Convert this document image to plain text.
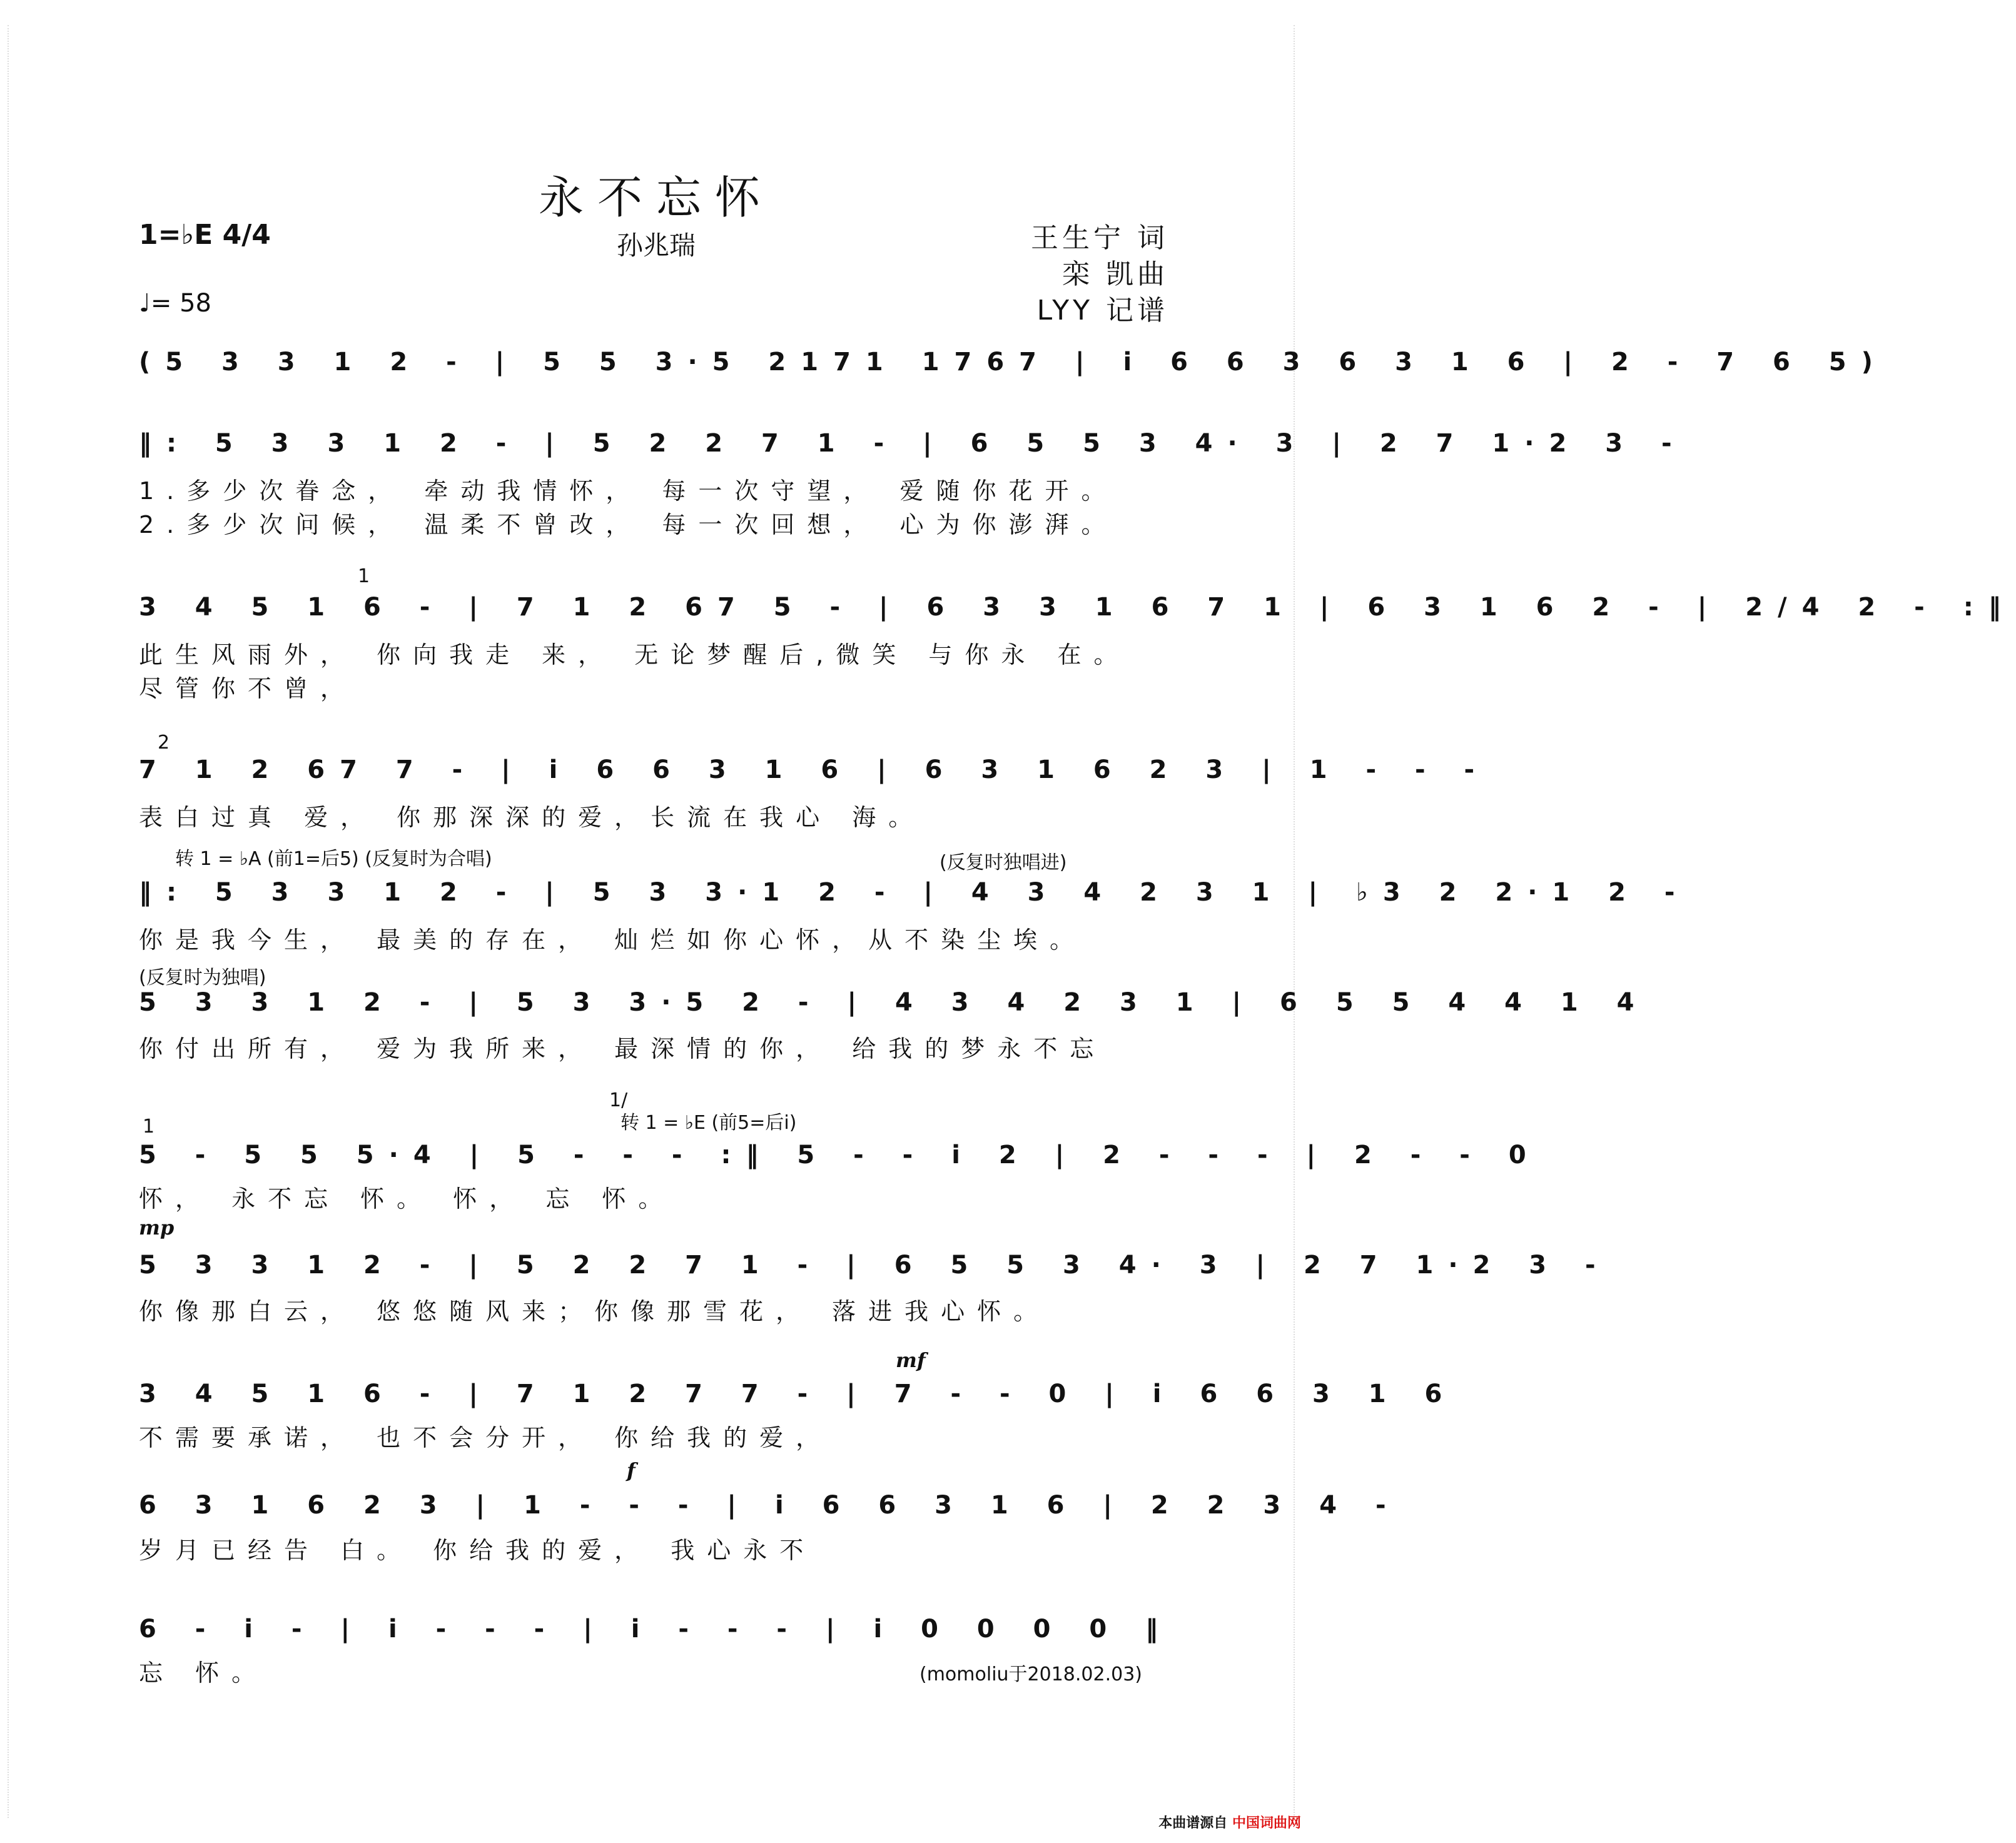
永不忘怀
孙兆瑞
1=♭E 4/4
♩= 58
王生宁 词
栾 凯曲
LYY 记谱
(5 3 3 1 2 - | 5 5 3·5 2171 1767 | i 6 6 3 6 3 1 6 | 2 - 7 6 5)
‖: 5 3 3 1 2 - | 5 2 2 7 1 - | 6 5 5 3 4· 3 | 2 7 1·2 3 -
1.多少次眷念， 牵动我情怀， 每一次守望， 爱随你花开。
2.多少次问候， 温柔不曾改， 每一次回想， 心为你澎湃。
1
3 4 5 1 6 - | 7 1 2 67 5 - | 6 3 3 1 6 7 1 | 6 3 1 6 2 - | 2/4 2 - :‖
此生风雨外， 你向我走 来， 无论梦醒后,微笑 与你永 在。
尽管你不曾，
2
7 1 2 67 7 - | i 6 6 3 1 6 | 6 3 1 6 2 3 | 1 - - -
表白过真 爱， 你那深深的爱，长流在我心 海。
转 1 = ♭A (前1=后5) (反复时为合唱)	(反复时独唱进)
‖: 5 3 3 1 2 - | 5 3 3·1 2 - | 4 3 4 2 3 1 | ♭3 2 2·1 2 -
你是我今生， 最美的存在， 灿烂如你心怀，从不染尘埃。
(反复时为独唱)
5 3 3 1 2 - | 5 3 3·5 2 - | 4 3 4 2 3 1 | 6 5 5 4 4 1 4
你付出所有， 爱为我所来， 最深情的你， 给我的梦永不忘
1
1/
转 1 = ♭E (前5=后i)
5 - 5 5 5·4 | 5 - - - :‖ 5 - - i 2 | 2 - - - | 2 - - 0
怀， 永不忘 怀。 怀， 忘 怀。
mp
5 3 3 1 2 - | 5 2 2 7 1 - | 6 5 5 3 4· 3 | 2 7 1·2 3 -
你像那白云， 悠悠随风来；你像那雪花， 落进我心怀。
mf
3 4 5 1 6 - | 7 1 2 7 7 - | 7 - - 0 | i 6 6 3 1 6
不需要承诺， 也不会分开， 你给我的爱，
f
6 3 1 6 2 3 | 1 - - - | i 6 6 3 1 6 | 2 2 3 4 -
岁月已经告 白。 你给我的爱， 我心永不
6 - i - | i - - - | i - - - | i 0 0 0 0 ‖
忘 怀。	(momoliu于2018.02.03)
本曲谱源自 中国词曲网
